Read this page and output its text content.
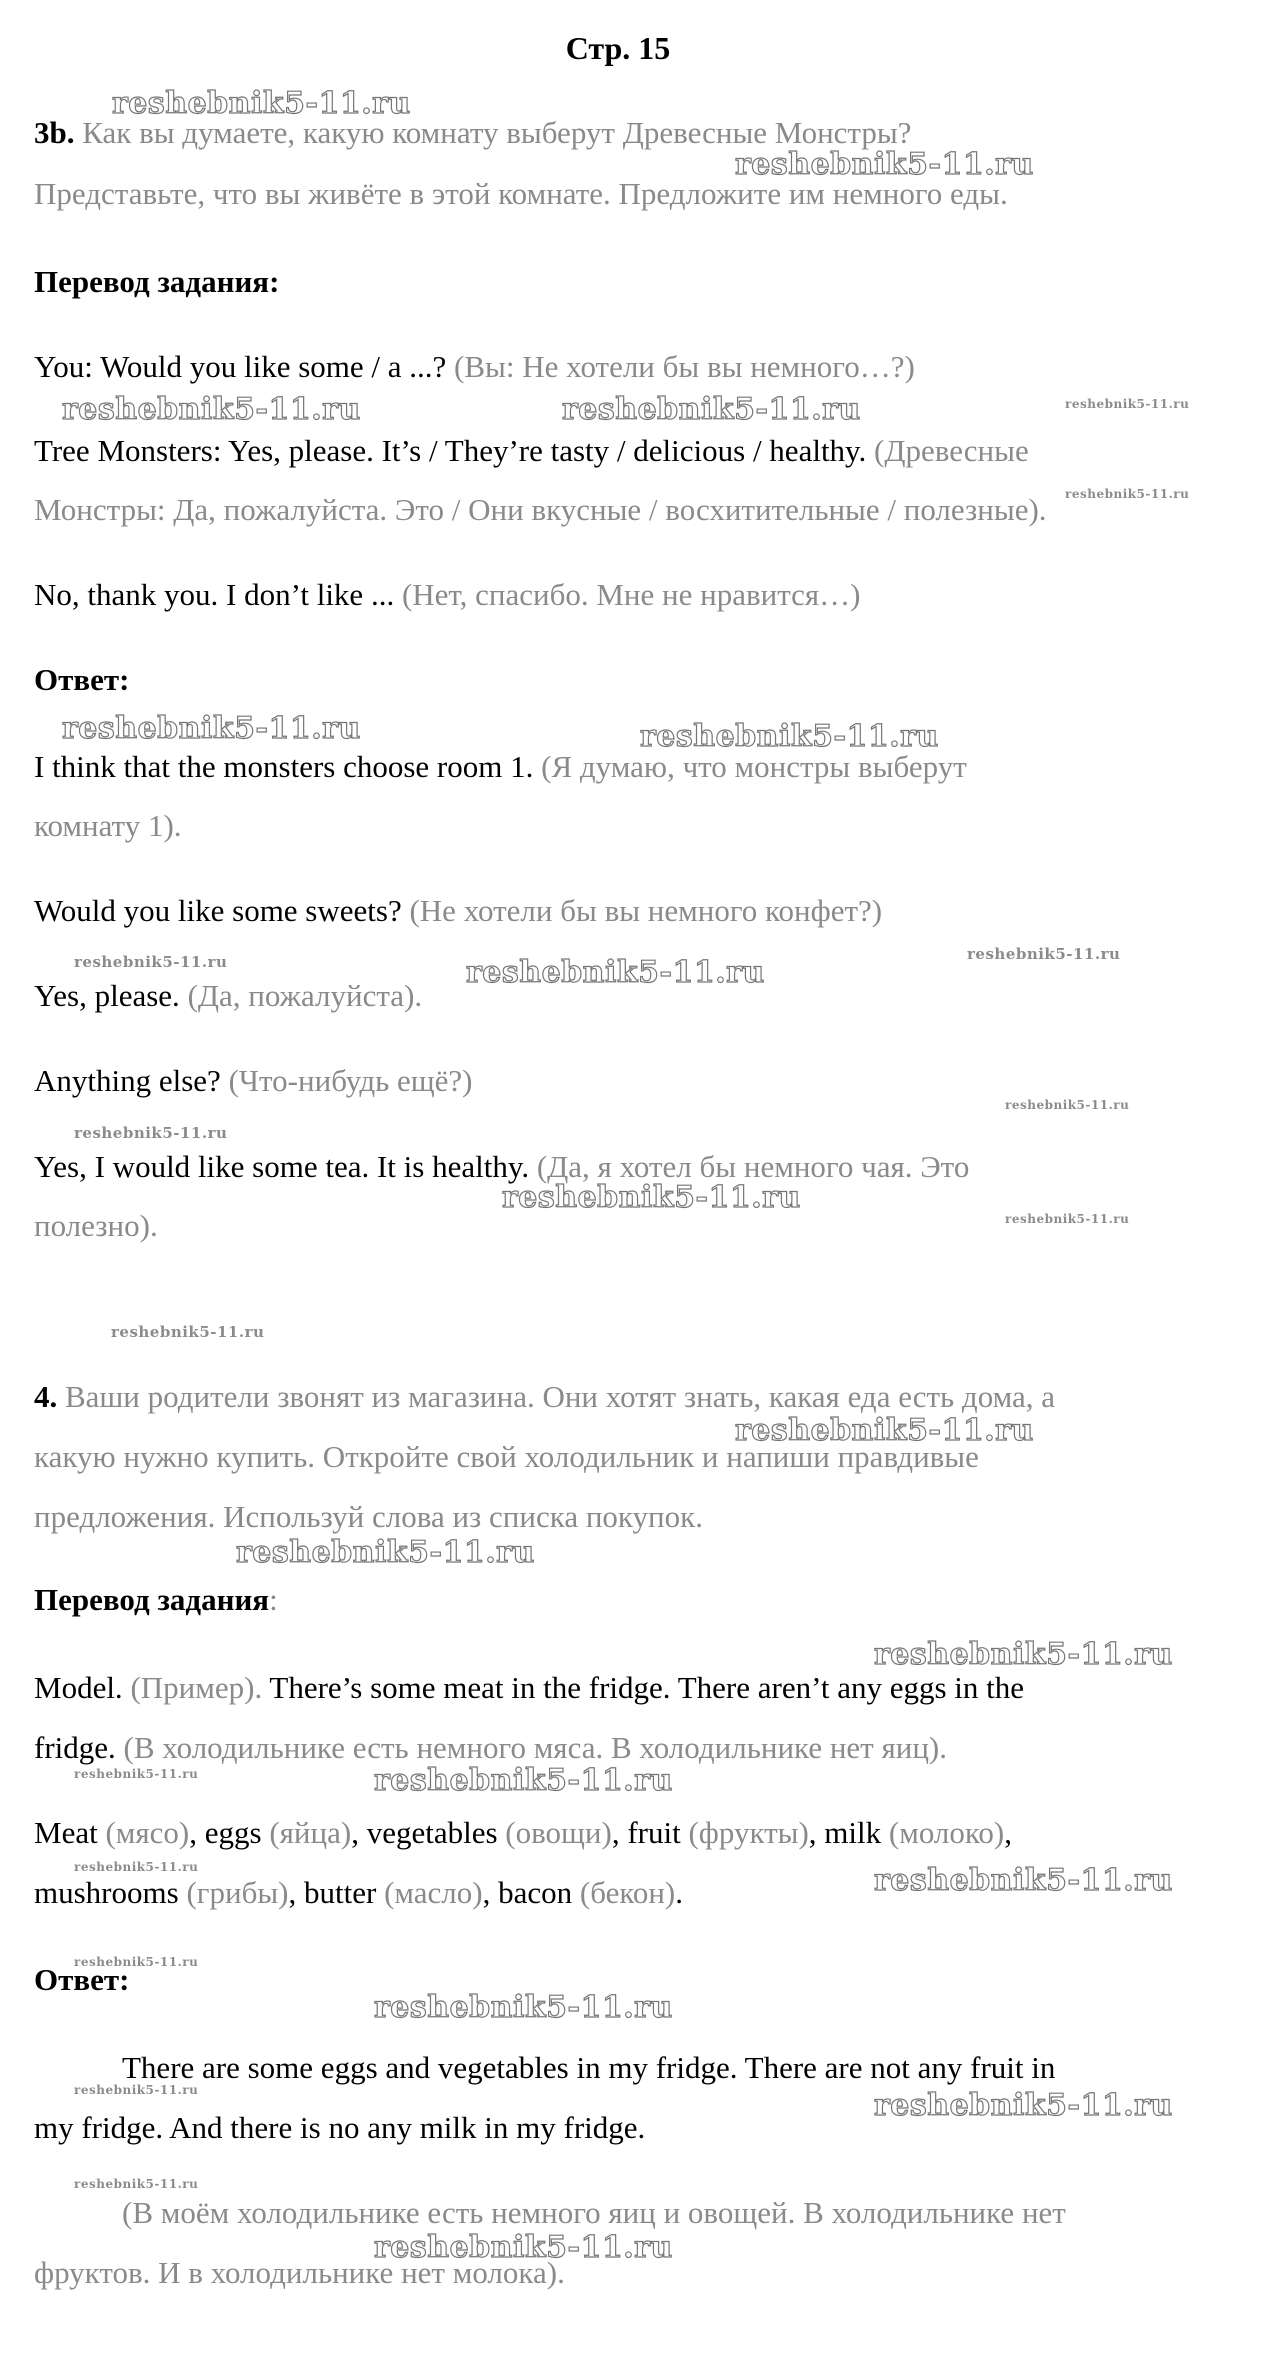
Стр. 15
3b. Как вы думаете, какую комнату выберут Древесные Монстры?
Представьте, что вы живёте в этой комнате. Предложите им немного еды.
Перевод задания:
You: Would you like some / a ...? (Вы: Не хотели бы вы немного…?)
Tree Monsters: Yes, please. It’s / They’re tasty / delicious / healthy. (Древесные
Монстры: Да, пожалуйста. Это / Они вкусные / восхитительные / полезные).
No, thank you. I don’t like ... (Нет, спасибо. Мне не нравится…)
Ответ:
I think that the monsters choose room 1. (Я думаю, что монстры выберут
комнату 1).
Would you like some sweets? (Не хотели бы вы немного конфет?)
Yes, please. (Да, пожалуйста).
Anything else? (Что-нибудь ещё?)
Yes, I would like some tea. It is healthy. (Да, я хотел бы немного чая. Это
полезно).
4. Ваши родители звонят из магазина. Они хотят знать, какая еда есть дома, а
какую нужно купить. Откройте свой холодильник и напиши правдивые
предложения. Используй слова из списка покупок.
Перевод задания:
Model. (Пример). There’s some meat in the fridge. There aren’t any eggs in the
fridge. (В холодильнике есть немного мяса. В холодильнике нет яиц).
Meat (мясо), eggs (яйца), vegetables (овощи), fruit (фрукты), milk (молоко),
mushrooms (грибы), butter (масло), bacon (бекон).
Ответ:
There are some eggs and vegetables in my fridge. There are not any fruit in
my fridge. And there is no any milk in my fridge.
(В моём холодильнике есть немного яиц и овощей. В холодильнике нет
фруктов. И в холодильнике нет молока).
reshebnik5-11.ru
reshebnik5-11.ru
reshebnik5-11.ru	reshebnik5-11.ru	reshebnik5-11.ru
reshebnik5-11.ru
reshebnik5-11.ru	reshebnik5-11.ru
reshebnik5-11.ru	reshebnik5-11.ru
reshebnik5-11.ru
reshebnik5-11.ru
reshebnik5-11.ru
reshebnik5-11.ru
reshebnik5-11.ru
reshebnik5-11.ru
reshebnik5-11.ru
reshebnik5-11.ru
reshebnik5-11.ru
reshebnik5-11.ru	reshebnik5-11.ru
reshebnik5-11.ru	reshebnik5-11.ru
reshebnik5-11.ru
reshebnik5-11.ru
reshebnik5-11.ru	reshebnik5-11.ru
reshebnik5-11.ru
reshebnik5-11.ru
